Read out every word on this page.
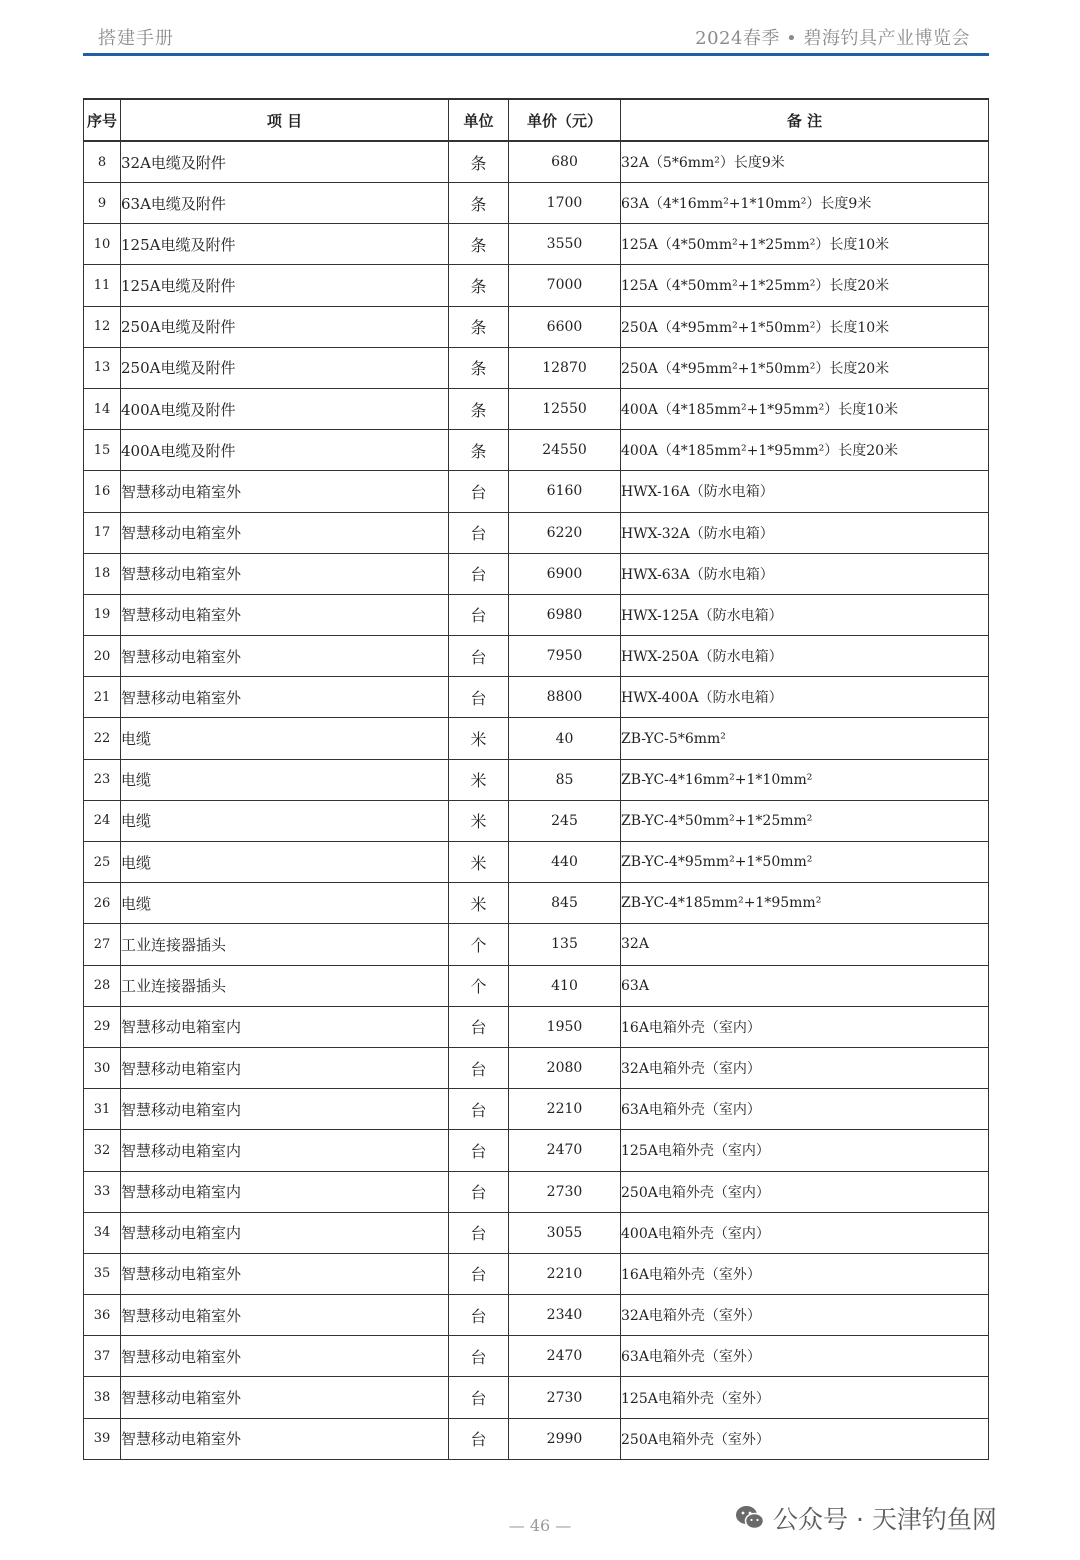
搭建手册	2024春季 • 碧海钓具产业博览会
序号	项 目	单位	单价（元）	备 注
8	32A电缆及附件	条	680	32A（5*6mm²）长度9米
9	63A电缆及附件	条	1700	63A（4*16mm²+1*10mm²）长度9米
10	125A电缆及附件	条	3550	125A（4*50mm²+1*25mm²）长度10米
11	125A电缆及附件	条	7000	125A（4*50mm²+1*25mm²）长度20米
12	250A电缆及附件	条	6600	250A（4*95mm²+1*50mm²）长度10米
13	250A电缆及附件	条	12870	250A（4*95mm²+1*50mm²）长度20米
14	400A电缆及附件	条	12550	400A（4*185mm²+1*95mm²）长度10米
15	400A电缆及附件	条	24550	400A（4*185mm²+1*95mm²）长度20米
16	智慧移动电箱室外	台	6160	HWX-16A（防水电箱）
17	智慧移动电箱室外	台	6220	HWX-32A（防水电箱）
18	智慧移动电箱室外	台	6900	HWX-63A（防水电箱）
19	智慧移动电箱室外	台	6980	HWX-125A（防水电箱）
20	智慧移动电箱室外	台	7950	HWX-250A（防水电箱）
21	智慧移动电箱室外	台	8800	HWX-400A（防水电箱）
22	电缆	米	40	ZB-YC-5*6mm²
23	电缆	米	85	ZB-YC-4*16mm²+1*10mm²
24	电缆	米	245	ZB-YC-4*50mm²+1*25mm²
25	电缆	米	440	ZB-YC-4*95mm²+1*50mm²
26	电缆	米	845	ZB-YC-4*185mm²+1*95mm²
27	工业连接器插头	个	135	32A
28	工业连接器插头	个	410	63A
29	智慧移动电箱室内	台	1950	16A电箱外壳（室内）
30	智慧移动电箱室内	台	2080	32A电箱外壳（室内）
31	智慧移动电箱室内	台	2210	63A电箱外壳（室内）
32	智慧移动电箱室内	台	2470	125A电箱外壳（室内）
33	智慧移动电箱室内	台	2730	250A电箱外壳（室内）
34	智慧移动电箱室内	台	3055	400A电箱外壳（室内）
35	智慧移动电箱室外	台	2210	16A电箱外壳（室外）
36	智慧移动电箱室外	台	2340	32A电箱外壳（室外）
37	智慧移动电箱室外	台	2470	63A电箱外壳（室外）
38	智慧移动电箱室外	台	2730	125A电箱外壳（室外）
39	智慧移动电箱室外	台	2990	250A电箱外壳（室外）
— 46 —	公众号 · 天津钓鱼网
